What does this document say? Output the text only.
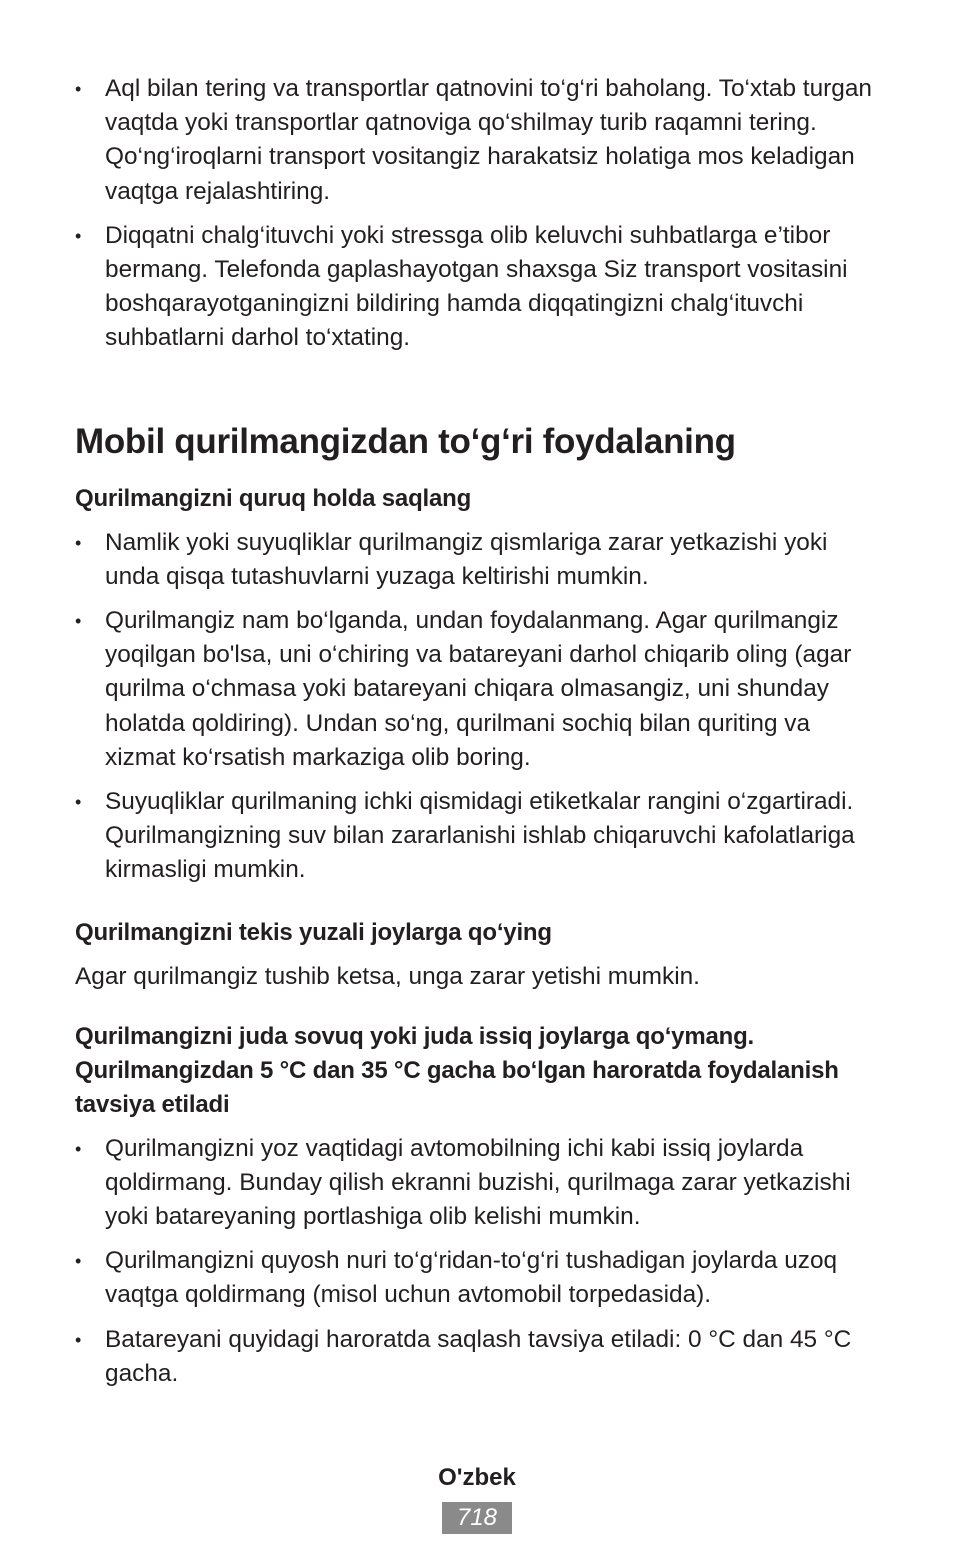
• Aql bilan tering va transportlar qatnovini to‘g‘ri baholang. To‘xtab turgan vaqtda yoki transportlar qatnoviga qo‘shilmay turib raqamni tering. Qo‘ng‘iroqlarni transport vositangiz harakatsiz holatiga mos keladigan vaqtga rejalashtiring.
• Diqqatni chalg‘ituvchi yoki stressga olib keluvchi suhbatlarga e’tibor bermang. Telefonda gaplashayotgan shaxsga Siz transport vositasini boshqarayotganingizni bildiring hamda diqqatingizni chalg‘ituvchi suhbatlarni darhol to‘xtating.
Mobil qurilmangizdan to‘g‘ri foydalaning
Qurilmangizni quruq holda saqlang
• Namlik yoki suyuqliklar qurilmangiz qismlariga zarar yetkazishi yoki unda qisqa tutashuvlarni yuzaga keltirishi mumkin.
• Qurilmangiz nam bo‘lganda, undan foydalanmang. Agar qurilmangiz yoqilgan bo'lsa, uni o‘chiring va batareyani darhol chiqarib oling (agar qurilma o‘chmasa yoki batareyani chiqara olmasangiz, uni shunday holatda qoldiring). Undan so‘ng, qurilmani sochiq bilan quriting va xizmat ko‘rsatish markaziga olib boring.
• Suyuqliklar qurilmaning ichki qismidagi etiketkalar rangini o‘zgartiradi. Qurilmangizning suv bilan zararlanishi ishlab chiqaruvchi kafolatlariga kirmasligi mumkin.
Qurilmangizni tekis yuzali joylarga qo‘ying
Agar qurilmangiz tushib ketsa, unga zarar yetishi mumkin.
Qurilmangizni juda sovuq yoki juda issiq joylarga qo‘ymang. Qurilmangizdan 5 °C dan 35 °C gacha bo‘lgan haroratda foydalanish tavsiya etiladi
• Qurilmangizni yoz vaqtidagi avtomobilning ichi kabi issiq joylarda qoldirmang. Bunday qilish ekranni buzishi, qurilmaga zarar yetkazishi yoki batareyaning portlashiga olib kelishi mumkin.
• Qurilmangizni quyosh nuri to‘g‘ridan-to‘g‘ri tushadigan joylarda uzoq vaqtga qoldirmang (misol uchun avtomobil torpedasida).
• Batareyani quyidagi haroratda saqlash tavsiya etiladi: 0 °C dan 45 °C gacha.
O'zbek
718
